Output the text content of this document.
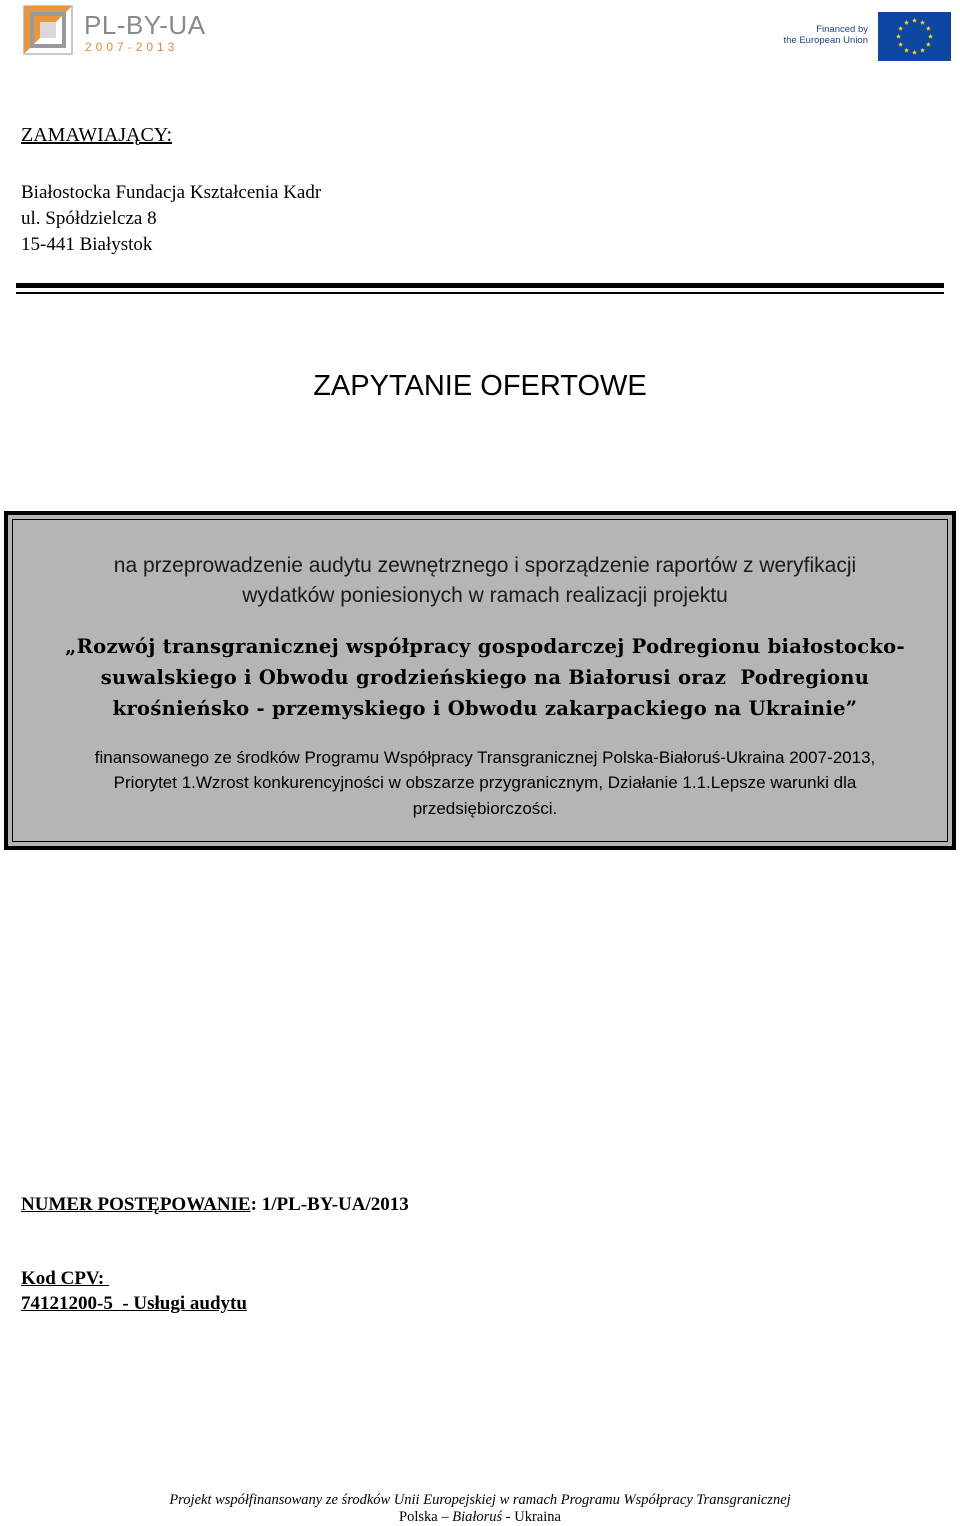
PL-BY-UA
2007-2013
Financed by
the European Union
ZAMAWIAJĄCY:
Białostocka Fundacja Kształcenia Kadr
ul. Spółdzielcza 8
15-441 Białystok
ZAPYTANIE OFERTOWE
na przeprowadzenie audytu zewnętrznego i sporządzenie raportów z weryfikacji
wydatków poniesionych w ramach realizacji projektu
„Rozwój transgranicznej współpracy gospodarczej Podregionu białostocko-
suwalskiego i Obwodu grodzieńskiego na Białorusi oraz  Podregionu
krośnieńsko - przemyskiego i Obwodu zakarpackiego na Ukrainie”
finansowanego ze środków Programu Współpracy Transgranicznej Polska-Białoruś-Ukraina 2007-2013,
Priorytet 1.Wzrost konkurencyjności w obszarze przygranicznym, Działanie 1.1.Lepsze warunki dla
przedsiębiorczości.
NUMER POSTĘPOWANIE: 1/PL-BY-UA/2013
Kod CPV:
74121200-5  - Usługi audytu
Projekt współfinansowany ze środków Unii Europejskiej w ramach Programu Współpracy Transgranicznej
Polska – Białoruś - Ukraina
